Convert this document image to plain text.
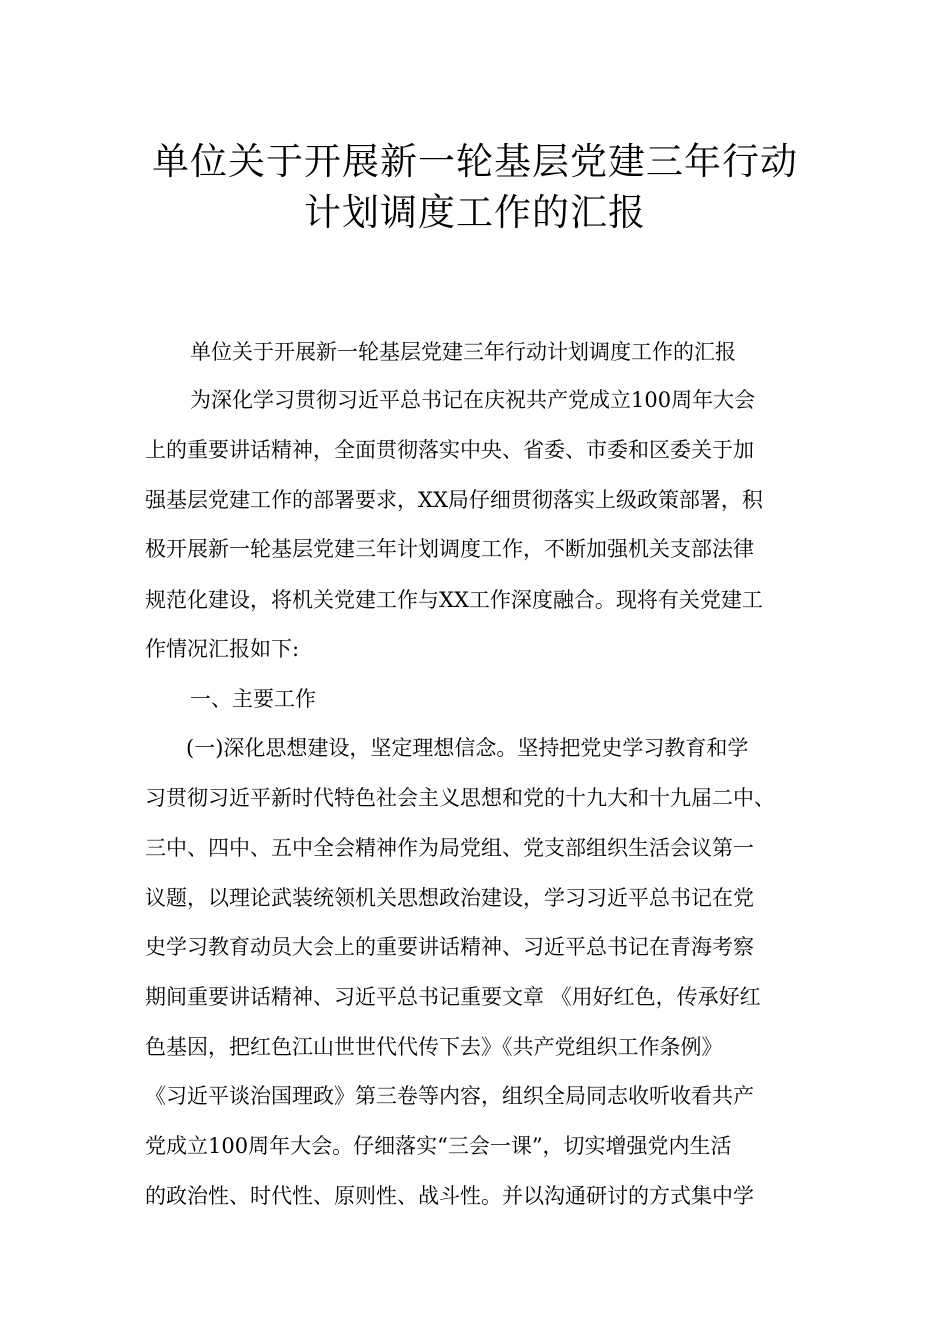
单位关于开展新一轮基层党建三年行动
计划调度工作的汇报

单位关于开展新一轮基层党建三年行动计划调度工作的汇报

为深化学习贯彻习近平总书记在庆祝共产党成立100周年大会

上的重要讲话精神，全面贯彻落实中央、省委、市委和区委关于加

强基层党建工作的部署要求，XX局仔细贯彻落实上级政策部署，积

极开展新一轮基层党建三年计划调度工作，不断加强机关支部法律

规范化建设，将机关党建工作与XX工作深度融合。现将有关党建工

作情况汇报如下:

一、主要工作

(一)深化思想建设，坚定理想信念。坚持把党史学习教育和学

习贯彻习近平新时代特色社会主义思想和党的十九大和十九届二中、

三中、四中、五中全会精神作为局党组、党支部组织生活会议第一

议题，以理论武装统领机关思想政治建设，学习习近平总书记在党

史学习教育动员大会上的重要讲话精神、习近平总书记在青海考察

期间重要讲话精神、习近平总书记重要文章 《用好红色，传承好红

色基因，把红色江山世世代代传下去》《共产党组织工作条例》

《习近平谈治国理政》第三卷等内容，组织全局同志收听收看共产

党成立100周年大会。仔细落实“三会一课”，切实增强党内生活

的政治性、时代性、原则性、战斗性。并以沟通研讨的方式集中学
